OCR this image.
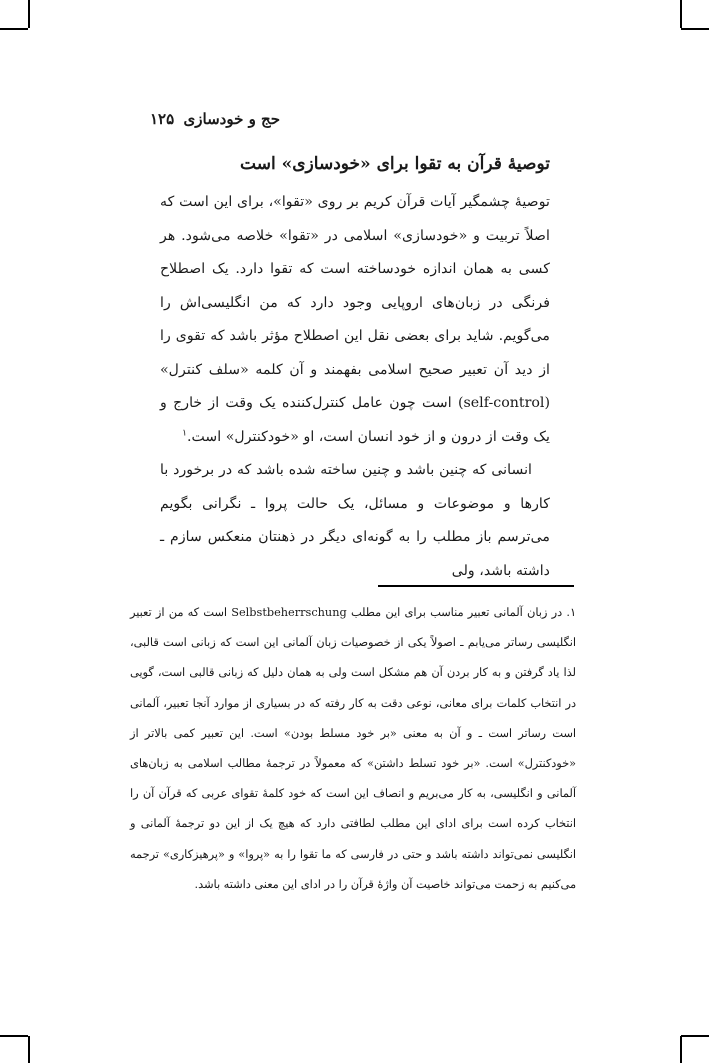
حج و خودسازی
۱۲۵
توصیهٔ قرآن به تقوا برای «خودسازی» است

توصیهٔ چشمگیر آیات قرآن کریم بر روی «تقوا»، برای این است که اصلاً تربیت و «خودسازی» اسلامی در «تقوا» خلاصه می‌شود. هر کسی به همان اندازه خودساخته است که تقوا دارد. یک اصطلاح فرنگی در زبان‌های اروپایی وجود دارد که من انگلیسی‌اش را می‌گویم. شاید برای بعضی نقل این اصطلاح مؤثر باشد که تقوی را از دید آن تعبیر صحیح اسلامی بفهمند و آن کلمه «سلف کنترل» (self-control) است چون عامل کنترل‌کننده یک وقت از خارج و یک وقت از درون و از خود انسان است، او «خودکنترل» است.$^۱$

انسانی که چنین باشد و چنین ساخته شده باشد که در برخورد با کارها و موضوعات و مسائل، یک حالت پروا ـ نگرانی بگویم می‌ترسم باز مطلب را به گونه‌ای دیگر در ذهنتان منعکس سازم ـ داشته باشد، ولی

۱. در زبان آلمانی تعبیر مناسب برای این مطلب Selbstbeherrschung است که من از تعبیر انگلیسی رساتر می‌یابم ـ اصولاً یکی از خصوصیات زبان آلمانی این است که زبانی است قالبی، لذا یاد گرفتن و به کار بردن آن هم مشکل است ولی به همان دلیل که زبانی قالبی است، گویی در انتخاب کلمات برای معانی، نوعی دقت به کار رفته که در بسیاری از موارد آنجا تعبیر، آلمانی است رساتر است ـ و آن به معنی «بر خود مسلط بودن» است. این تعبیر کمی بالاتر از «خودکنترل» است. «بر خود تسلط داشتن» که معمولاً در ترجمهٔ مطالب اسلامی به زبان‌های آلمانی و انگلیسی، به کار می‌بریم و انصاف این است که خود کلمهٔ تقوای عربی که قرآن آن را انتخاب کرده است برای ادای این مطلب لطافتی دارد که هیچ یک از این دو ترجمهٔ آلمانی و انگلیسی نمی‌تواند داشته باشد و حتی در فارسی که ما تقوا را به «پروا» و «پرهیزکاری» ترجمه می‌کنیم به زحمت می‌تواند خاصیت آن واژهٔ قرآن را در ادای این معنی داشته باشد.
